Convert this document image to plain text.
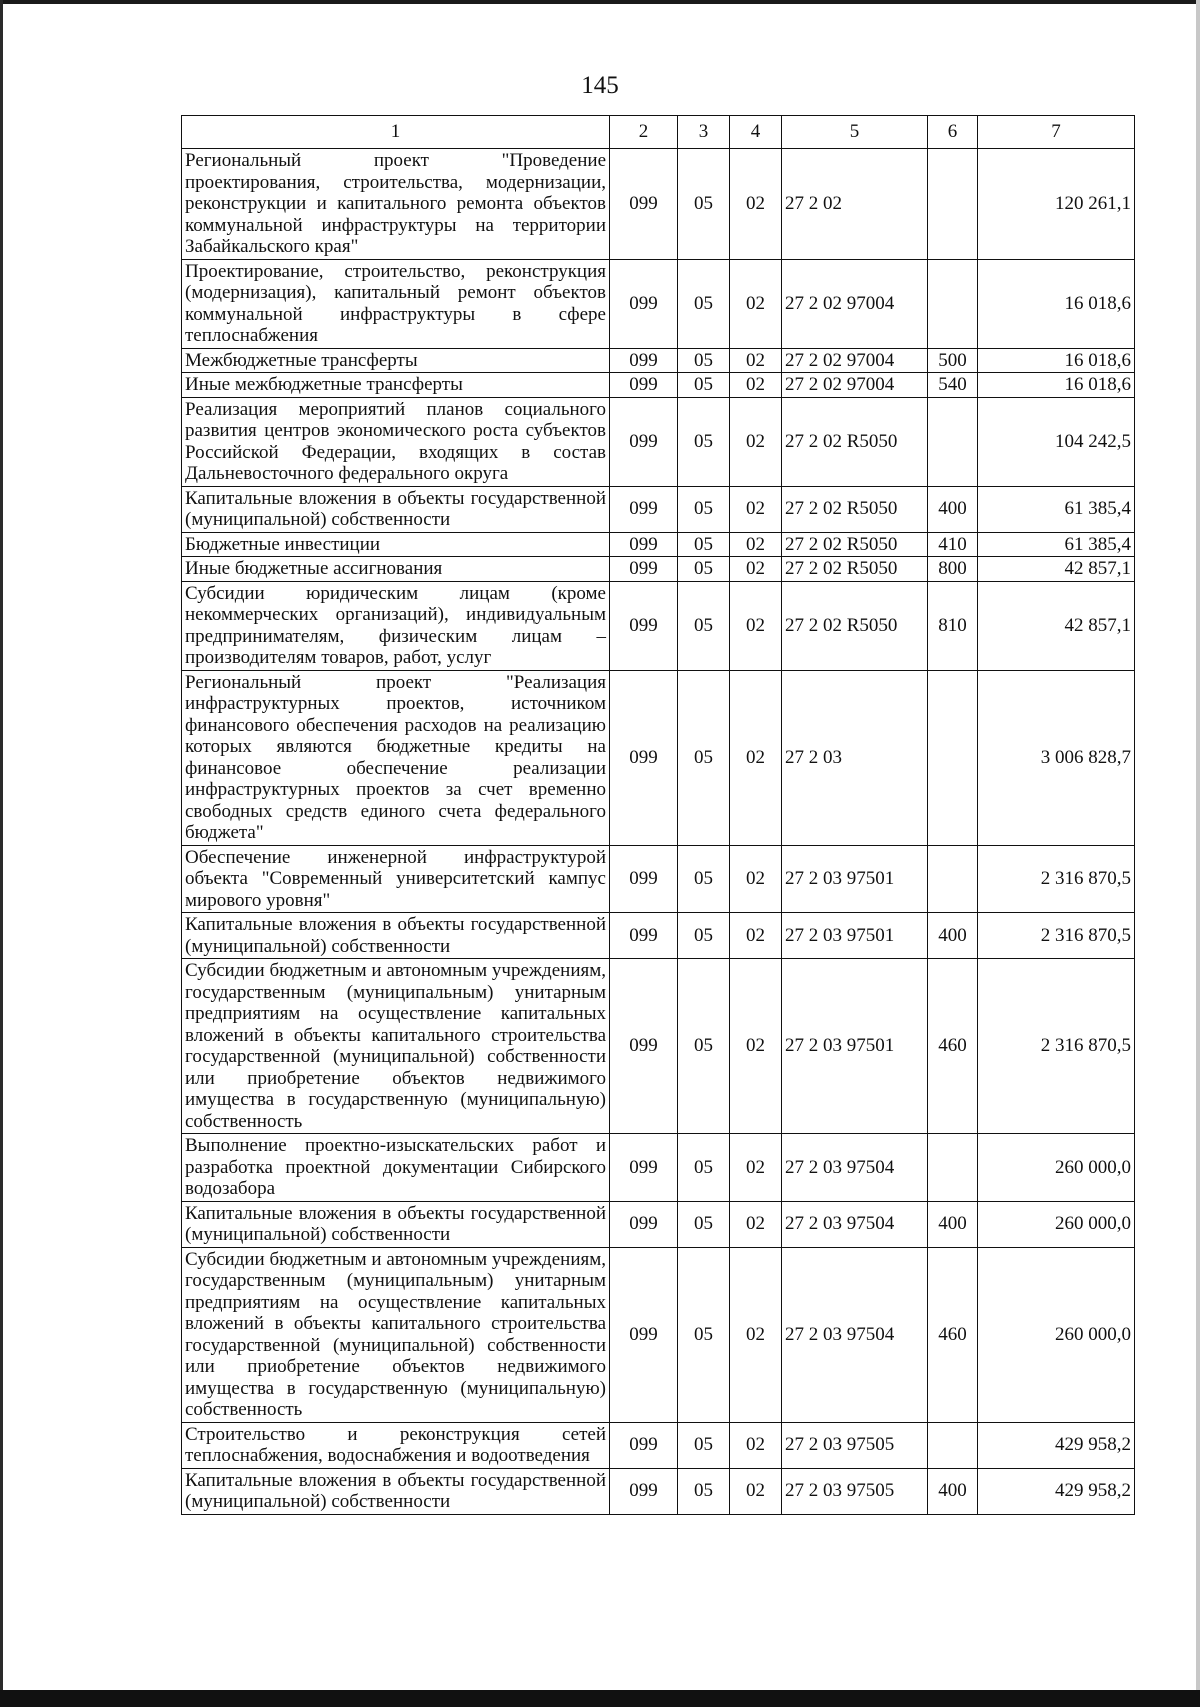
145
1	2	3	4	5	6	7
Региональный проект "Проведение проектирования, строительства, модернизации, реконструкции и капитального ремонта объектов коммунальной инфраструктуры на территории Забайкальского края"	099	05	02	27 2 02		120 261,1
Проектирование, строительство, реконструкция (модернизация), капитальный ремонт объектов коммунальной инфраструктуры в сфере теплоснабжения	099	05	02	27 2 02 97004		16 018,6
Межбюджетные трансферты	099	05	02	27 2 02 97004	500	16 018,6
Иные межбюджетные трансферты	099	05	02	27 2 02 97004	540	16 018,6
Реализация мероприятий планов социального развития центров экономического роста субъектов Российской Федерации, входящих в состав Дальневосточного федерального округа	099	05	02	27 2 02 R5050		104 242,5
Капитальные вложения в объекты государственной (муниципальной) собственности	099	05	02	27 2 02 R5050	400	61 385,4
Бюджетные инвестиции	099	05	02	27 2 02 R5050	410	61 385,4
Иные бюджетные ассигнования	099	05	02	27 2 02 R5050	800	42 857,1
Субсидии юридическим лицам (кроме некоммерческих организаций), индивидуальным предпринимателям, физическим лицам – производителям товаров, работ, услуг	099	05	02	27 2 02 R5050	810	42 857,1
Региональный проект "Реализация инфраструктурных проектов, источником финансового обеспечения расходов на реализацию которых являются бюджетные кредиты на финансовое обеспечение реализации инфраструктурных проектов за счет временно свободных средств единого счета федерального бюджета"	099	05	02	27 2 03		3 006 828,7
Обеспечение инженерной инфраструктурой объекта "Современный университетский кампус мирового уровня"	099	05	02	27 2 03 97501		2 316 870,5
Капитальные вложения в объекты государственной (муниципальной) собственности	099	05	02	27 2 03 97501	400	2 316 870,5
Субсидии бюджетным и автономным учреждениям, государственным (муниципальным) унитарным предприятиям на осуществление капитальных вложений в объекты капитального строительства государственной (муниципальной) собственности или приобретение объектов недвижимого имущества в государственную (муниципальную) собственность	099	05	02	27 2 03 97501	460	2 316 870,5
Выполнение проектно-изыскательских работ и разработка проектной документации Сибирского водозабора	099	05	02	27 2 03 97504		260 000,0
Капитальные вложения в объекты государственной (муниципальной) собственности	099	05	02	27 2 03 97504	400	260 000,0
Субсидии бюджетным и автономным учреждениям, государственным (муниципальным) унитарным предприятиям на осуществление капитальных вложений в объекты капитального строительства государственной (муниципальной) собственности или приобретение объектов недвижимого имущества в государственную (муниципальную) собственность	099	05	02	27 2 03 97504	460	260 000,0
Строительство и реконструкция сетей теплоснабжения, водоснабжения и водоотведения	099	05	02	27 2 03 97505		429 958,2
Капитальные вложения в объекты государственной (муниципальной) собственности	099	05	02	27 2 03 97505	400	429 958,2
